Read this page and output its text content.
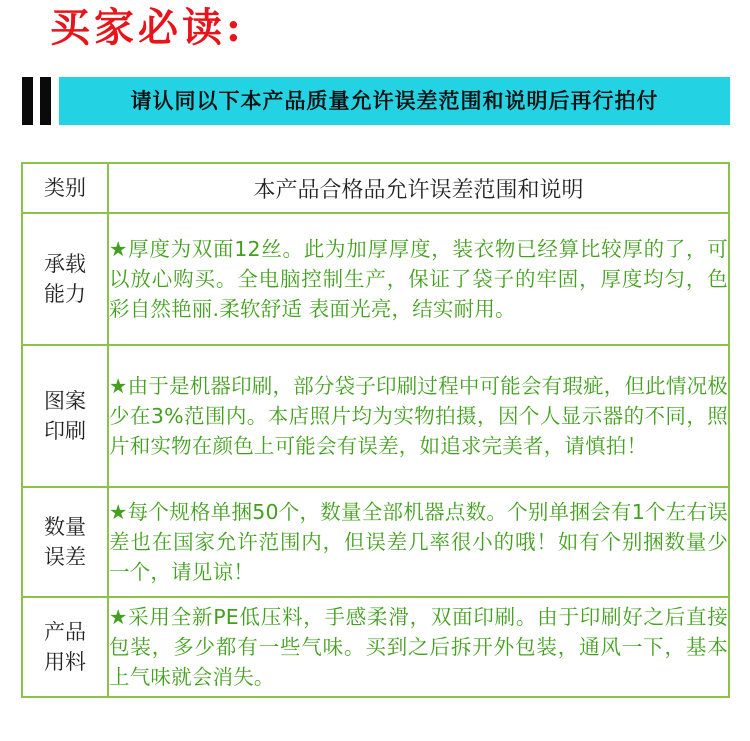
买家必读:
请认同以下本产品质量允许误差范围和说明后再行拍付
类别	本产品合格品允许误差范围和说明

承载
能力	★厚度为双面12丝。此为加厚厚度，装衣物已经算比较厚的了，可以放心购买。全电脑控制生产，保证了袋子的牢固，厚度均匀，色彩自然艳丽.柔软舒适 表面光亮，结实耐用。

图案
印刷	★由于是机器印刷，部分袋子印刷过程中可能会有瑕疵，但此情况极少在3%范围内。本店照片均为实物拍摄，因个人显示器的不同，照片和实物在颜色上可能会有误差，如追求完美者，请慎拍！

数量
误差	★每个规格单捆50个，数量全部机器点数。个别单捆会有1个左右误差也在国家允许范围内，但误差几率很小的哦！如有个别捆数量少一个，请见谅！

产品
用料	★采用全新PE低压料，手感柔滑，双面印刷。由于印刷好之后直接包装，多少都有一些气味。买到之后拆开外包装，通风一下，基本上气味就会消失。
